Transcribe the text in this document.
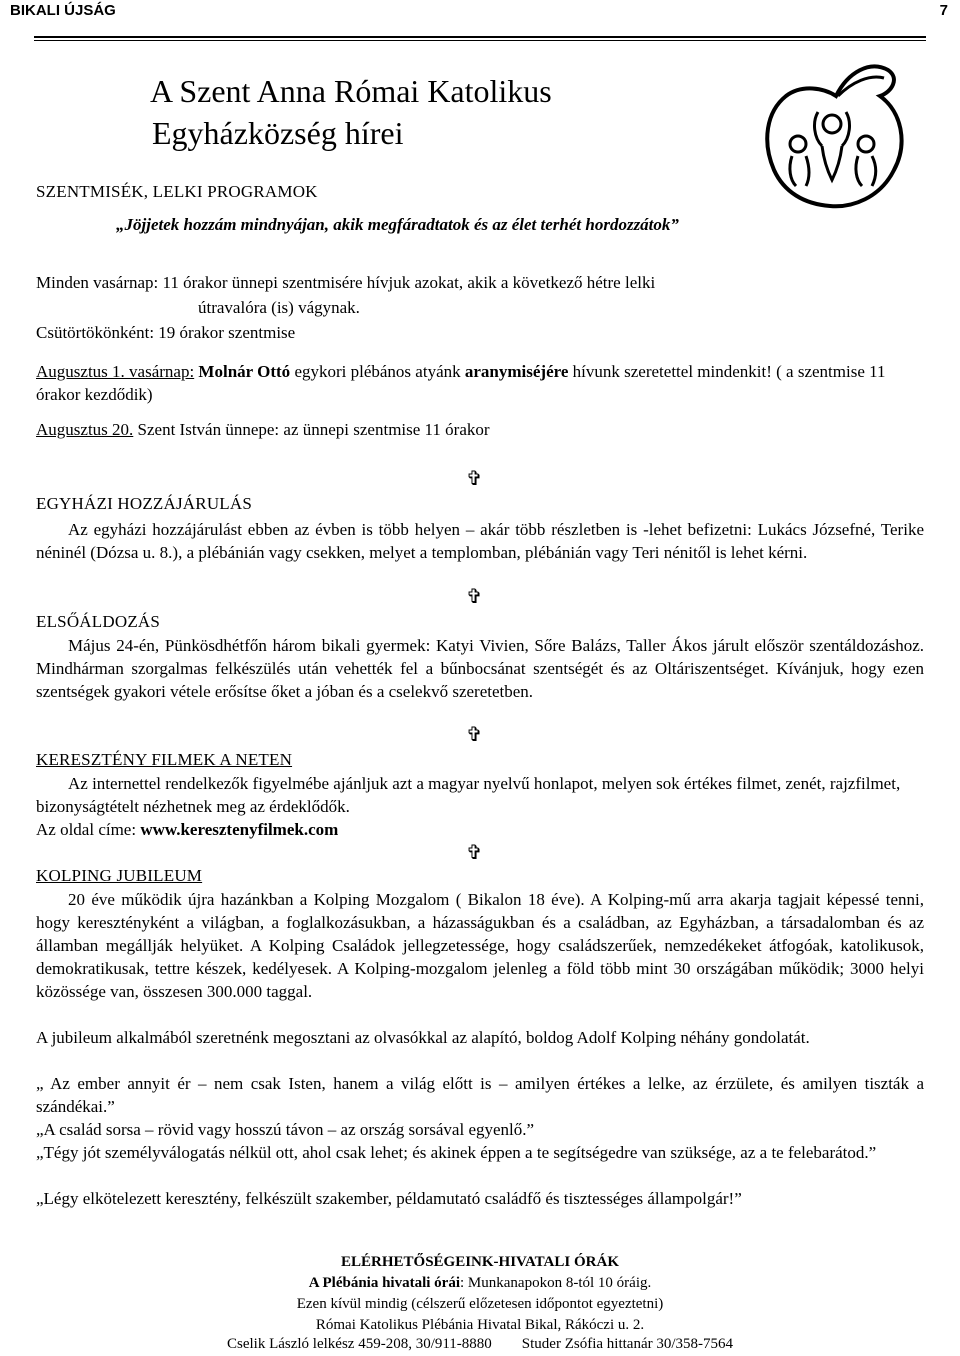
BIKALI ÚJSÁG	7
A Szent Anna Római Katolikus
Egyházközség hírei
SZENTMISÉK, LELKI PROGRAMOK
„Jöjjetek hozzám mindnyájan, akik megfáradtatok és az élet terhét hordozzátok”
Minden vasárnap: 11 órakor ünnepi szentmisére hívjuk azokat, akik a következő hétre lelki
útravalóra (is) vágynak.
Csütörtökönként: 19 órakor szentmise
Augusztus 1. vasárnap: Molnár Ottó egykori plébános atyánk aranymiséjére hívunk szeretettel mindenkit! ( a szentmise 11 órakor kezdődik)
Augusztus 20. Szent István ünnepe: az ünnepi szentmise 11 órakor
✞
EGYHÁZI HOZZÁJÁRULÁS
Az egyházi hozzájárulást ebben az évben is több helyen – akár több részletben is -lehet befizetni: Lukács Józsefné, Terike néninél (Dózsa u. 8.), a plébánián vagy csekken, melyet a templomban, plébánián vagy Teri nénitől is lehet kérni.
✞
ELSŐÁLDOZÁS
Május 24-én, Pünkösdhétfőn három bikali gyermek: Katyi Vivien, Sőre Balázs, Taller Ákos járult először szentáldozáshoz. Mindhárman szorgalmas felkészülés után vehették fel a bűnbocsánat szentségét és az Oltáriszentséget. Kívánjuk, hogy ezen szentségek gyakori vétele erősítse őket a jóban és a cselekvő szeretetben.
✞
KERESZTÉNY FILMEK A NETEN
Az internettel rendelkezők figyelmébe ajánljuk azt a magyar nyelvű honlapot, melyen sok értékes filmet, zenét, rajzfilmet, bizonyságtételt nézhetnek meg az érdeklődők.
Az oldal címe: www.keresztenyfilmek.com
✞
KOLPING JUBILEUM
20 éve működik újra hazánkban a Kolping Mozgalom ( Bikalon 18 éve). A Kolping-mű arra akarja tagjait képessé tenni, hogy keresztényként a világban, a foglalkozásukban, a házasságukban és a családban, az Egyházban, a társadalomban és az államban megállják helyüket. A Kolping Családok jellegzetessége, hogy családszerűek, nemzedékeket átfogóak, katolikusok, demokratikusak, tettre készek, kedélyesek. A Kolping-mozgalom jelenleg a föld több mint 30 országában működik; 3000 helyi közössége van, összesen 300.000 taggal.
A jubileum alkalmából szeretnénk megosztani az olvasókkal az alapító, boldog Adolf Kolping néhány gondolatát.
„ Az ember annyit ér – nem csak Isten, hanem a világ előtt is – amilyen értékes a lelke, az érzülete, és amilyen tiszták a szándékai.”
„A család sorsa – rövid vagy hosszú távon – az ország sorsával egyenlő.”
„Tégy jót személyválogatás nélkül ott, ahol csak lehet; és akinek éppen a te segítségedre van szüksége, az a te felebarátod.”
„Légy elkötelezett keresztény, felkészült szakember, példamutató családfő és tisztességes állampolgár!”
ELÉRHETŐSÉGEINK-HIVATALI ÓRÁK
A Plébánia hivatali órái: Munkanapokon 8-tól 10 óráig.
Ezen kívül mindig (célszerű előzetesen időpontot egyeztetni)
Római Katolikus Plébánia Hivatal Bikal, Rákóczi u. 2.
Cselik László lelkész 459-208, 30/911-8880        Studer Zsófia hittanár 30/358-7564
